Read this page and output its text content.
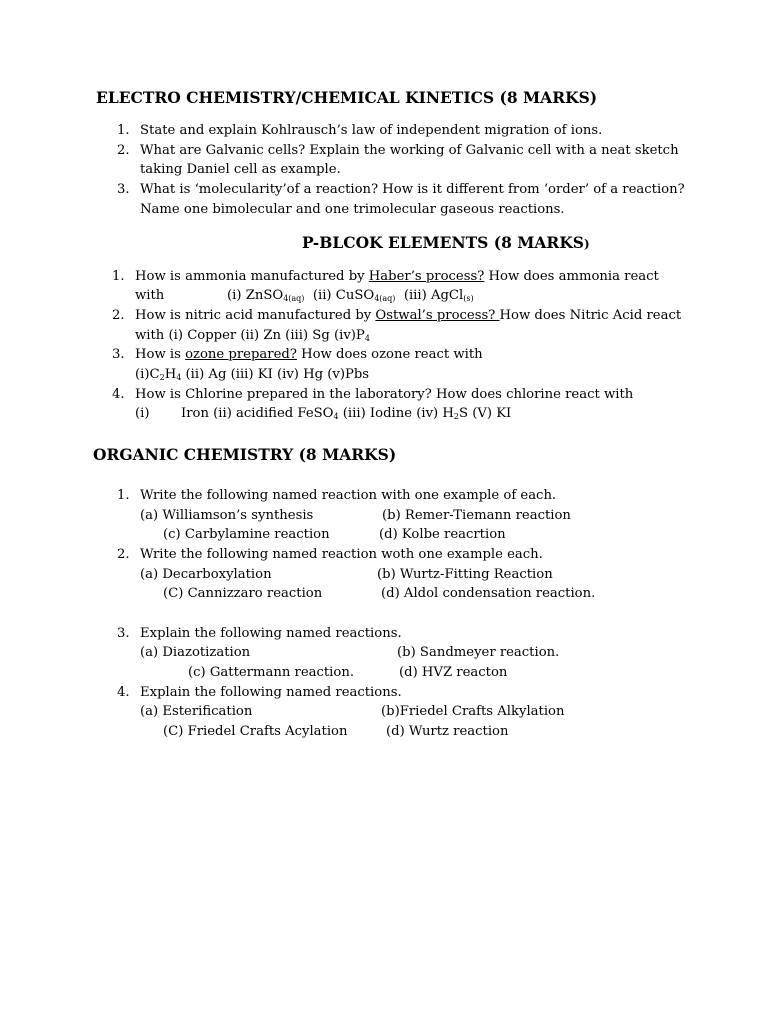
ELECTRO CHEMISTRY/CHEMICAL KINETICS (8 MARKS)
1. State and explain Kohlrausch’s law of independent migration of ions.
2. What are Galvanic cells? Explain the working of Galvanic cell with a neat sketch
taking Daniel cell as example.
3. What is ‘molecularity’of a reaction? How is it different from ‘order’ of a reaction?
Name one bimolecular and one trimolecular gaseous reactions.
P-BLCOK ELEMENTS (8 MARKS)
1. How is ammonia manufactured by Haber’s process? How does ammonia react
with	(i) ZnSO$_{4(aq)}$ (ii) CuSO$_{4(aq)}$ (iii) AgCl$_{(s)}$
2. How is nitric acid manufactured by Ostwal’s process? How does Nitric Acid react
with (i) Copper (ii) Zn (iii) Sg $(iv)P_4$
3. How is ozone prepared? How does ozone react with
$(i)C_2H_4$ (ii) Ag (iii) KI (iv) Hg (v)Pbs
4. How is Chlorine prepared in the laboratory? How does chlorine react with
(i) Iron (ii) acidified FeSO$_4$ (iii) Iodine (iv) $H_2S$ (V) KI
ORGANIC CHEMISTRY (8 MARKS)
1. Write the following named reaction with one example of each.
(a) Williamson’s synthesis	(b) Remer-Tiemann reaction
(c) Carbylamine reaction	(d) Kolbe reacrtion
2. Write the following named reaction woth one example each.
(a) Decarboxylation	(b) Wurtz-Fitting Reaction
(C) Cannizzaro reaction	(d) Aldol condensation reaction.
3. Explain the following named reactions.
(a) Diazotization	(b) Sandmeyer reaction.
(c) Gattermann reaction.	(d) HVZ reacton
4. Explain the following named reactions.
(a) Esterification	(b)Friedel Crafts Alkylation
(C) Friedel Crafts Acylation	(d) Wurtz reaction
